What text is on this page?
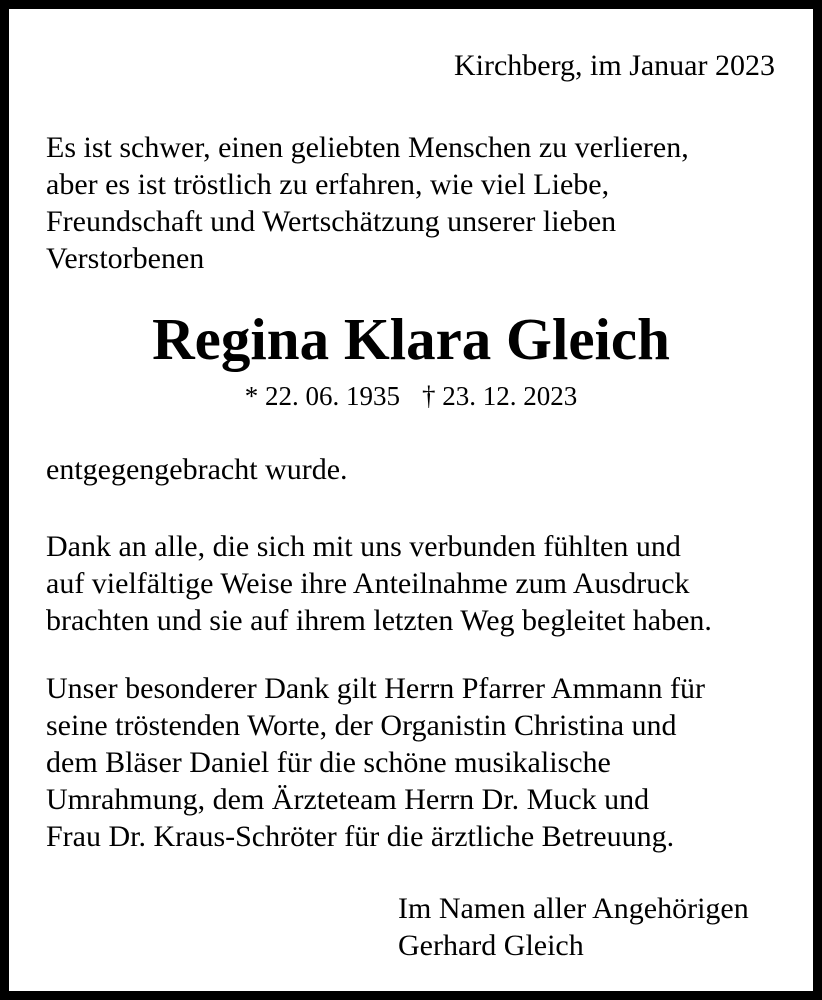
Kirchberg, im Januar 2023

Es ist schwer, einen geliebten Menschen zu verlieren,

aber es ist tröstlich zu erfahren, wie viel Liebe,

Freundschaft und Wertschätzung unserer lieben

Verstorbenen

Regina Klara Gleich

* 22. 06. 1935 † 23. 12. 2023

entgegengebracht wurde.

Dank an alle, die sich mit uns verbunden fühlten und

auf vielfältige Weise ihre Anteilnahme zum Ausdruck

brachten und sie auf ihrem letzten Weg begleitet haben.

Unser besonderer Dank gilt Herrn Pfarrer Ammann für

seine tröstenden Worte, der Organistin Christina und

dem Bläser Daniel für die schöne musikalische

Umrahmung, dem Ärzteteam Herrn Dr. Muck und

Frau Dr. Kraus-Schröter für die ärztliche Betreuung.

Im Namen aller Angehörigen

Gerhard Gleich
